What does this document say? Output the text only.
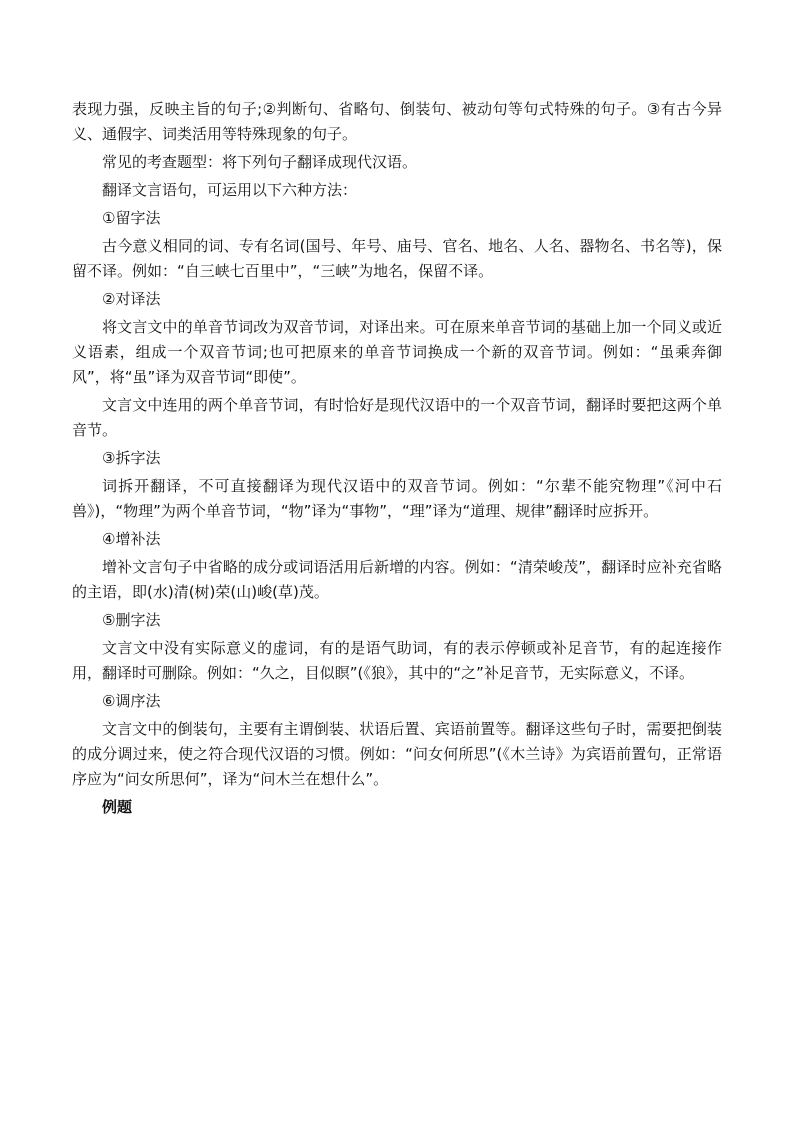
表现力强，反映主旨的句子;②判断句、省略句、倒装句、被动句等句式特殊的句子。③有古今异义、通假字、词类活用等特殊现象的句子。

常见的考查题型：将下列句子翻译成现代汉语。

翻译文言语句，可运用以下六种方法：

①留字法

古今意义相同的词、专有名词(国号、年号、庙号、官名、地名、人名、器物名、书名等)，保留不译。例如：“自三峡七百里中”，“三峡”为地名，保留不译。

②对译法

将文言文中的单音节词改为双音节词，对译出来。可在原来单音节词的基础上加一个同义或近义语素，组成一个双音节词;也可把原来的单音节词换成一个新的双音节词。例如：“虽乘奔御风”，将“虽”译为双音节词“即使”。

文言文中连用的两个单音节词，有时恰好是现代汉语中的一个双音节词，翻译时要把这两个单音节。

③拆字法

词拆开翻译，不可直接翻译为现代汉语中的双音节词。例如：“尔辈不能究物理”《河中石兽》)，“物理”为两个单音节词，“物”译为“事物”，“理”译为“道理、规律”翻译时应拆开。

④增补法

增补文言句子中省略的成分或词语活用后新增的内容。例如：“清荣峻茂”，翻译时应补充省略的主语，即(水)清(树)荣(山)峻(草)茂。

⑤删字法

文言文中没有实际意义的虚词，有的是语气助词，有的表示停顿或补足音节，有的起连接作用，翻译时可删除。例如：“久之，目似瞑”(《狼》，其中的“之”补足音节，无实际意义，不译。

⑥调序法

文言文中的倒装句，主要有主谓倒装、状语后置、宾语前置等。翻译这些句子时，需要把倒装的成分调过来，使之符合现代汉语的习惯。例如：“问女何所思”(《木兰诗》为宾语前置句，正常语序应为“问女所思何”，译为“问木兰在想什么”。

例题
